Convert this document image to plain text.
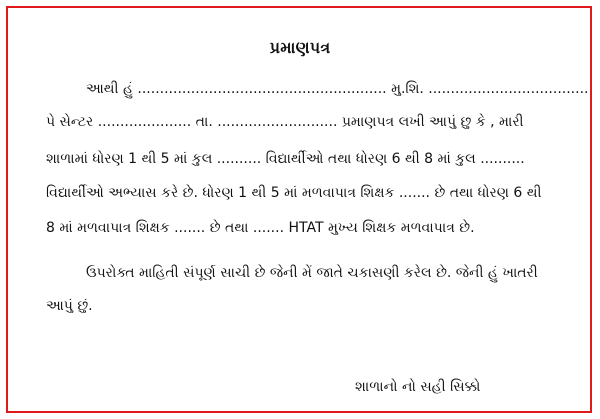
પ્રમાણપત્ર
આથી હું ........................................................ મુ.શિ. ....................................
પે સેન્ટર ..................... તા. ........................... પ્રમાણપત્ર લખી આપું છુ કે , મારી
શાળામાં ધોરણ 1 થી 5 માં કુલ .......... વિદ્યાર્થીઓ તથા ધોરણ 6 થી 8 માં કુલ ..........
વિદ્યાર્થીઓ અભ્યાસ કરે છે. ધોરણ 1 થી 5 માં મળવાપાત્ર શિક્ષક ....... છે તથા ધોરણ 6 થી
8 માં મળવાપાત્ર શિક્ષક ....... છે તથા ....... HTAT મુખ્ય શિક્ષક મળવાપાત્ર છે.
ઉપરોક્ત માહિતી સંપૂર્ણ સાચી છે જેની મેં જાતે ચકાસણી કરેલ છે. જેની હું ખાતરી
આપું છું.
શાળાનો નો સહી સિક્કો
